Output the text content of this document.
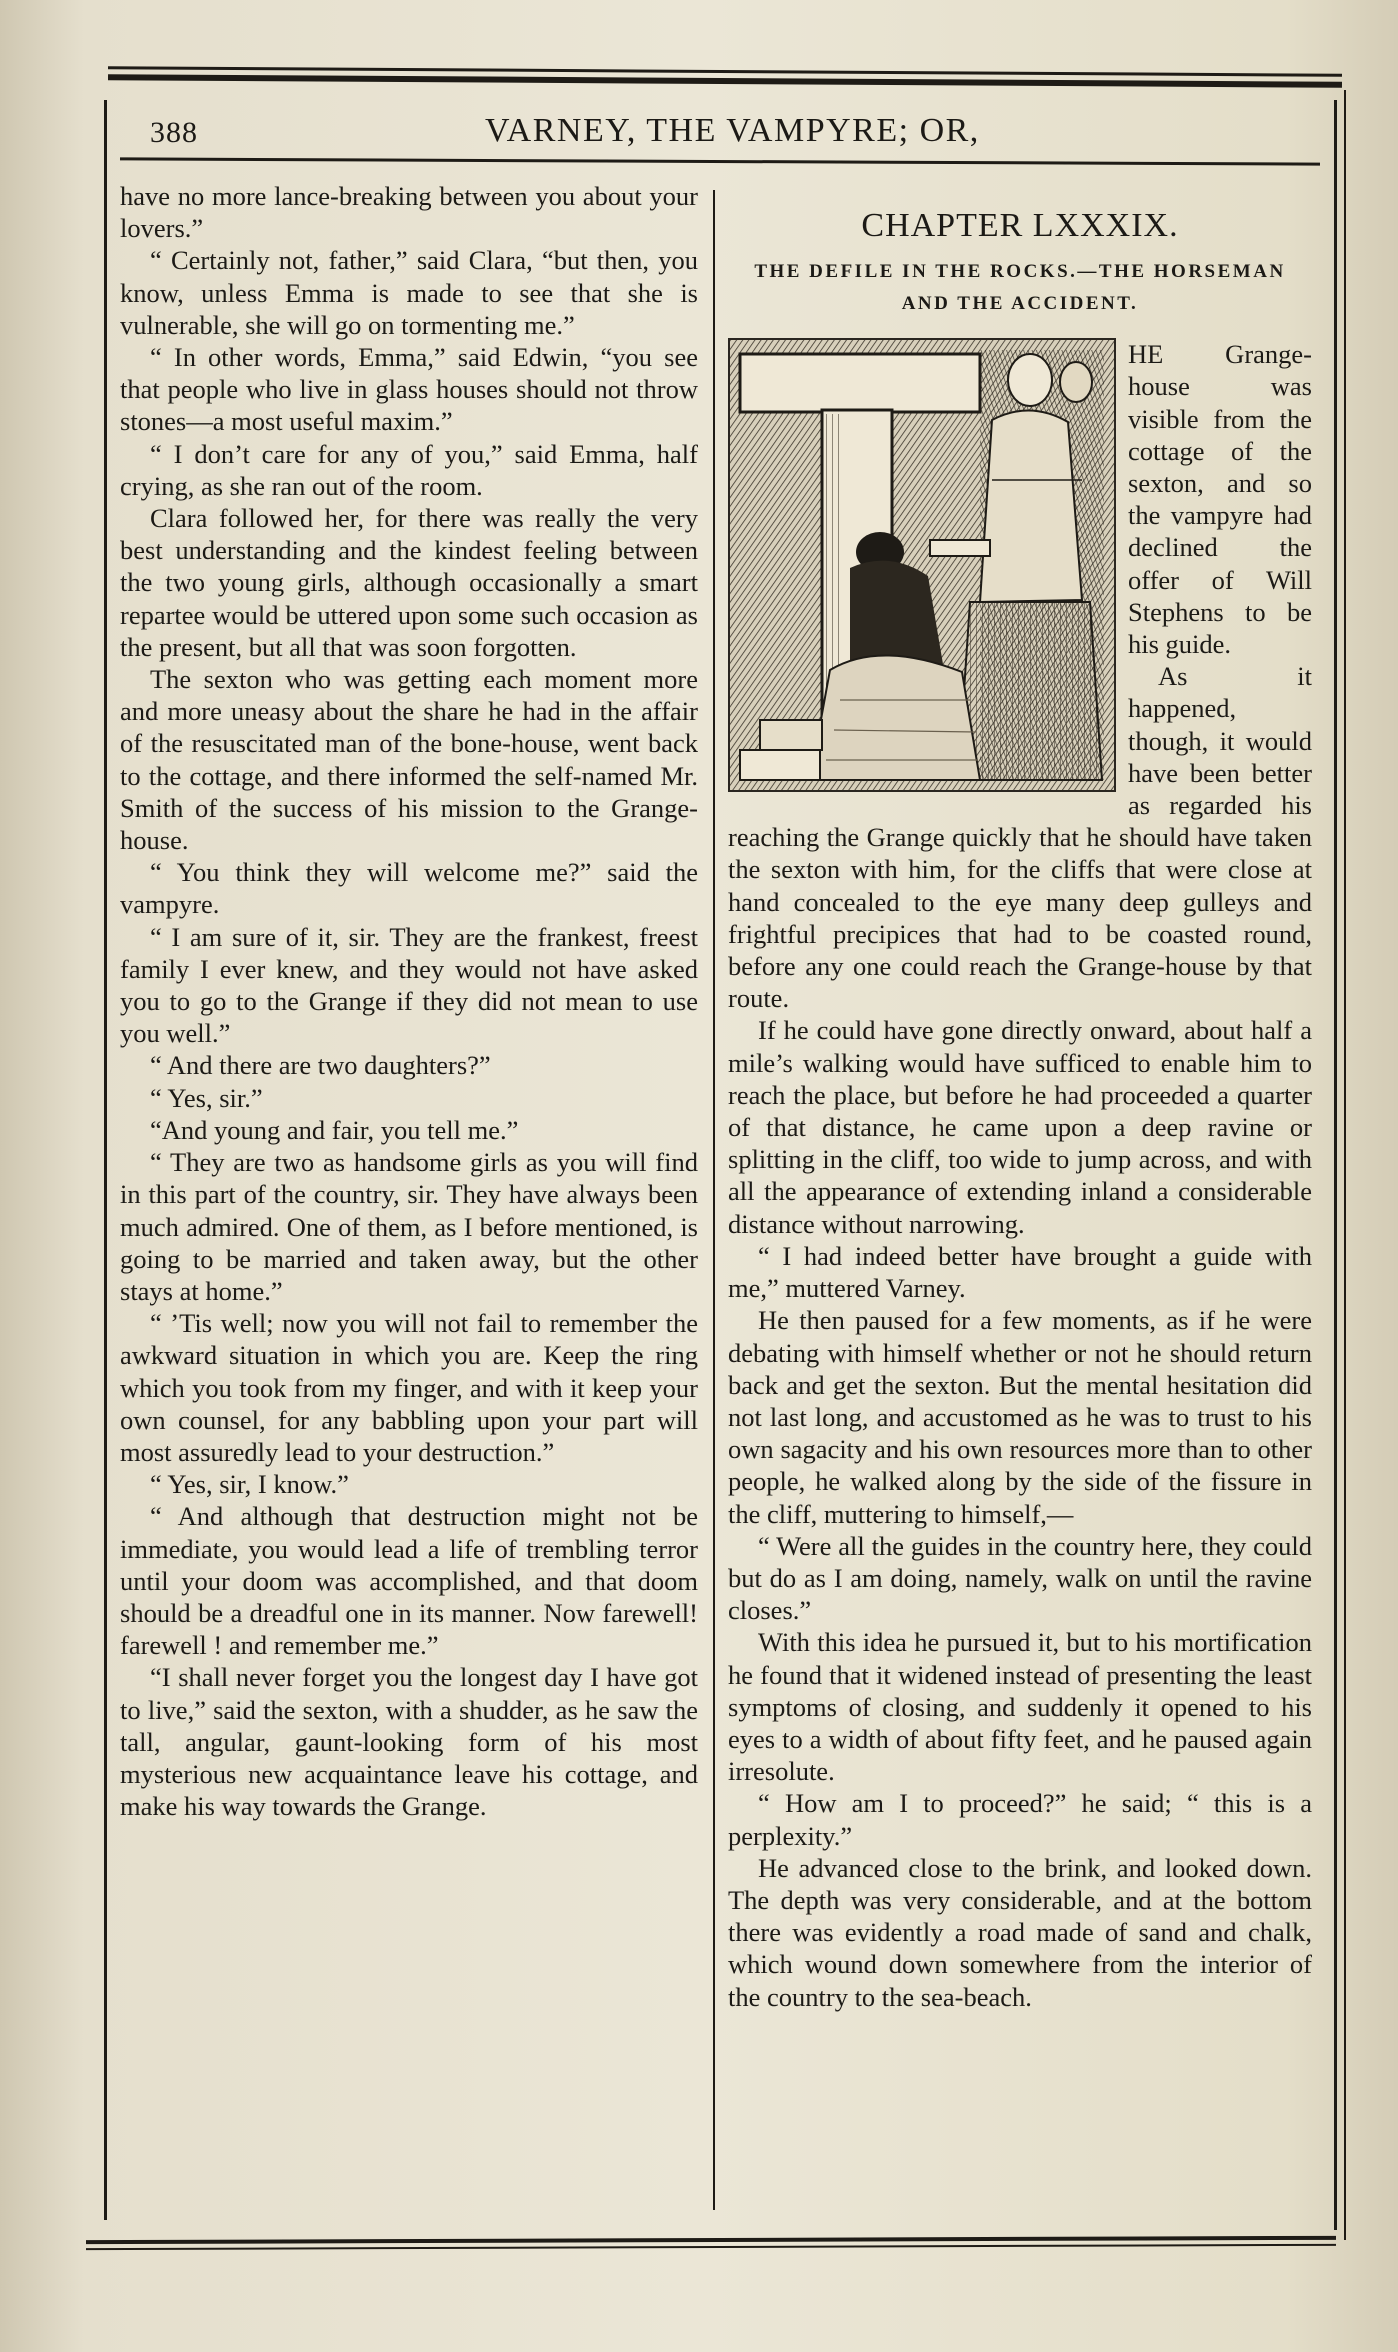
388	VARNEY, THE VAMPYRE; OR,

have no more lance-breaking between you about your lovers.”

“ Certainly not, father,” said Clara, “but then, you know, unless Emma is made to see that she is vulnerable, she will go on tormenting me.”

“ In other words, Emma,” said Edwin, “you see that people who live in glass houses should not throw stones—a most useful maxim.”

“ I don’t care for any of you,” said Emma, half crying, as she ran out of the room.

Clara followed her, for there was really the very best understanding and the kindest feeling between the two young girls, although occasionally a smart repartee would be uttered upon some such occasion as the present, but all that was soon forgotten.

The sexton who was getting each moment more and more uneasy about the share he had in the affair of the resuscitated man of the bone-house, went back to the cottage, and there informed the self-named Mr. Smith of the success of his mission to the Grange-house.

“ You think they will welcome me?” said the vampyre.

“ I am sure of it, sir. They are the frankest, freest family I ever knew, and they would not have asked you to go to the Grange if they did not mean to use you well.”

“ And there are two daughters?”

“ Yes, sir.”

“And young and fair, you tell me.”

“ They are two as handsome girls as you will find in this part of the country, sir. They have always been much admired. One of them, as I before mentioned, is going to be married and taken away, but the other stays at home.”

“ ’Tis well; now you will not fail to remember the awkward situation in which you are. Keep the ring which you took from my finger, and with it keep your own counsel, for any babbling upon your part will most assuredly lead to your destruction.”

“ Yes, sir, I know.”

“ And although that destruction might not be immediate, you would lead a life of trembling terror until your doom was accomplished, and that doom should be a dreadful one in its manner. Now farewell! farewell ! and remember me.”

“I shall never forget you the longest day I have got to live,” said the sexton, with a shudder, as he saw the tall, angular, gaunt-looking form of his most mysterious new acquaintance leave his cottage, and make his way towards the Grange.

CHAPTER LXXXIX.
THE DEFILE IN THE ROCKS.—THE HORSEMAN AND THE ACCIDENT.

HE Grange-house was visible from the cottage of the sexton, and so the vampyre had declined the offer of Will Stephens to be his guide.

As it happened, though, it would have been better as regarded his reaching the Grange quickly that he should have taken the sexton with him, for the cliffs that were close at hand concealed to the eye many deep gulleys and frightful precipices that had to be coasted round, before any one could reach the Grange-house by that route.

If he could have gone directly onward, about half a mile’s walking would have sufficed to enable him to reach the place, but before he had proceeded a quarter of that distance, he came upon a deep ravine or splitting in the cliff, too wide to jump across, and with all the appearance of extending inland a considerable distance without narrowing.

“ I had indeed better have brought a guide with me,” muttered Varney.

He then paused for a few moments, as if he were debating with himself whether or not he should return back and get the sexton. But the mental hesitation did not last long, and accustomed as he was to trust to his own sagacity and his own resources more than to other people, he walked along by the side of the fissure in the cliff, muttering to himself,—

“ Were all the guides in the country here, they could but do as I am doing, namely, walk on until the ravine closes.”

With this idea he pursued it, but to his mortification he found that it widened instead of presenting the least symptoms of closing, and suddenly it opened to his eyes to a width of about fifty feet, and he paused again irresolute.

“ How am I to proceed?” he said; “ this is a perplexity.”

He advanced close to the brink, and looked down. The depth was very considerable, and at the bottom there was evidently a road made of sand and chalk, which wound down somewhere from the interior of the country to the sea-beach.
